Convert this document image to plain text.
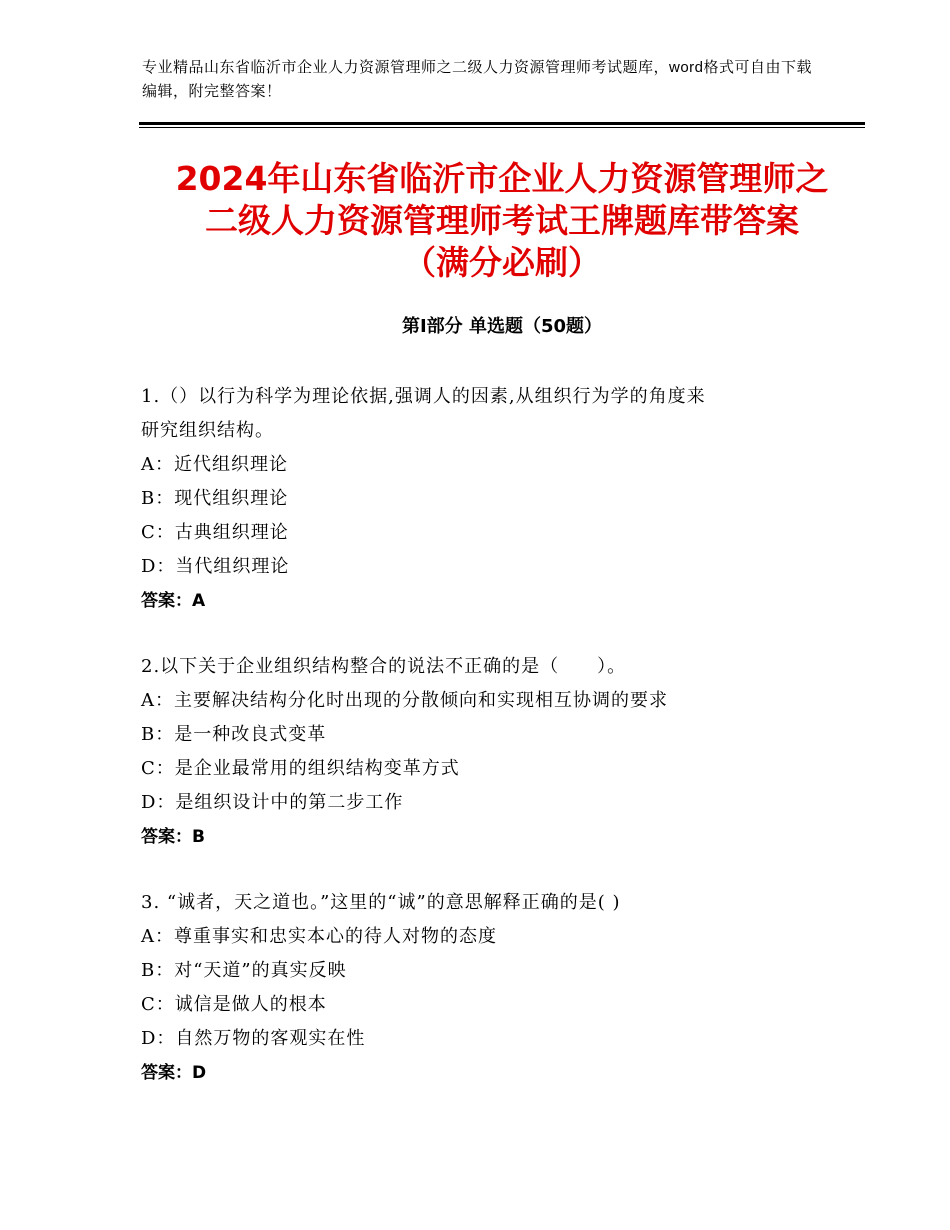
专业精品山东省临沂市企业人力资源管理师之二级人力资源管理师考试题库，word格式可自由下载编辑，附完整答案！
2024年山东省临沂市企业人力资源管理师之
二级人力资源管理师考试王牌题库带答案
（满分必刷）
第Ⅰ部分 单选题（50题）
1.（）以行为科学为理论依据,强调人的因素,从组织行为学的角度来
研究组织结构。
A：近代组织理论
B：现代组织理论
C：古典组织理论
D：当代组织理论
答案：A
2.以下关于企业组织结构整合的说法不正确的是（　　）。
A：主要解决结构分化时出现的分散倾向和实现相互协调的要求
B：是一种改良式变革
C：是企业最常用的组织结构变革方式
D：是组织设计中的第二步工作
答案：B
3. “诚者，天之道也。”这里的“诚”的意思解释正确的是( )
A：尊重事实和忠实本心的待人对物的态度
B：对“天道”的真实反映
C：诚信是做人的根本
D：自然万物的客观实在性
答案：D
